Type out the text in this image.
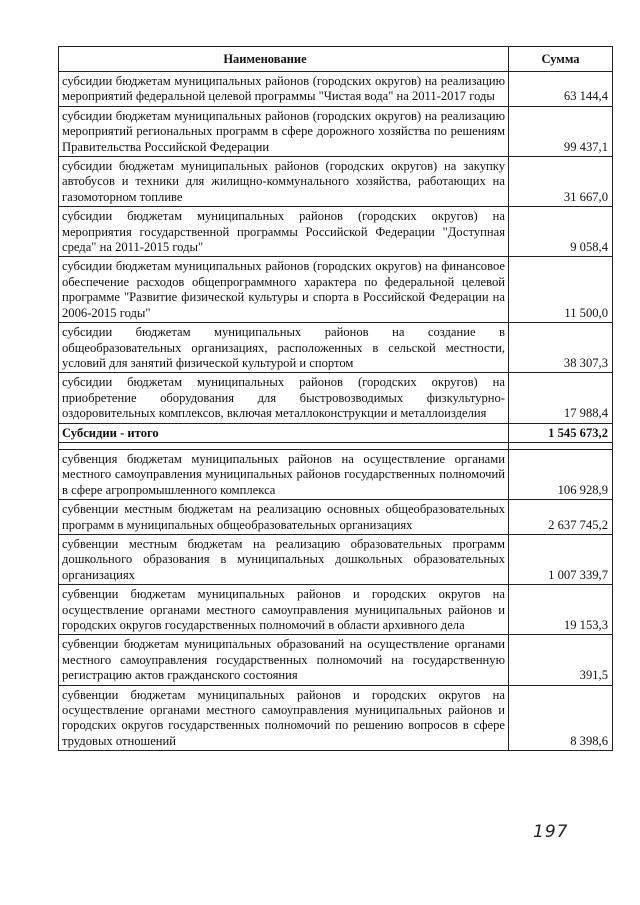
Наименование	Сумма
субсидии бюджетам муниципальных районов (городских округов) на реализацию мероприятий федеральной целевой программы "Чистая вода" на 2011-2017 годы	63 144,4
субсидии бюджетам муниципальных районов (городских округов) на реализацию мероприятий региональных программ в сфере дорожного хозяйства по решениям Правительства Российской Федерации	99 437,1
субсидии бюджетам муниципальных районов (городских округов) на закупку автобусов и техники для жилищно-коммунального хозяйства, работающих на газомоторном топливе	31 667,0
субсидии бюджетам муниципальных районов (городских округов) на мероприятия государственной программы Российской Федерации "Доступная среда" на 2011-2015 годы"	9 058,4
субсидии бюджетам муниципальных районов (городских округов) на финансовое обеспечение расходов общепрограммного характера по федеральной целевой программе "Развитие физической культуры и спорта в Российской Федерации на 2006-2015 годы"	11 500,0
субсидии бюджетам муниципальных районов на создание в общеобразовательных организациях, расположенных в сельской местности, условий для занятий физической культурой и спортом	38 307,3
субсидии бюджетам муниципальных районов (городских округов) на приобретение оборудования для быстровозводимых физкультурно-оздоровительных комплексов, включая металлоконструкции и металлоизделия	17 988,4
Субсидии - итого	1 545 673,2

субвенция бюджетам муниципальных районов на осуществление органами местного самоуправления муниципальных районов государственных полномочий в сфере агропромышленного комплекса	106 928,9
субвенции местным бюджетам на реализацию основных общеобразовательных программ в муниципальных общеобразовательных организациях	2 637 745,2
субвенции местным бюджетам на реализацию образовательных программ дошкольного образования в муниципальных дошкольных образовательных организациях	1 007 339,7
субвенции бюджетам муниципальных районов и городских округов на осуществление органами местного самоуправления муниципальных районов и городских округов государственных полномочий в области архивного дела	19 153,3
субвенции бюджетам муниципальных образований на осуществление органами местного самоуправления государственных полномочий на государственную регистрацию актов гражданского состояния	391,5
субвенции бюджетам муниципальных районов и городских округов на осуществление органами местного самоуправления муниципальных районов и городских округов государственных полномочий по решению вопросов в сфере трудовых отношений	8 398,6
197
